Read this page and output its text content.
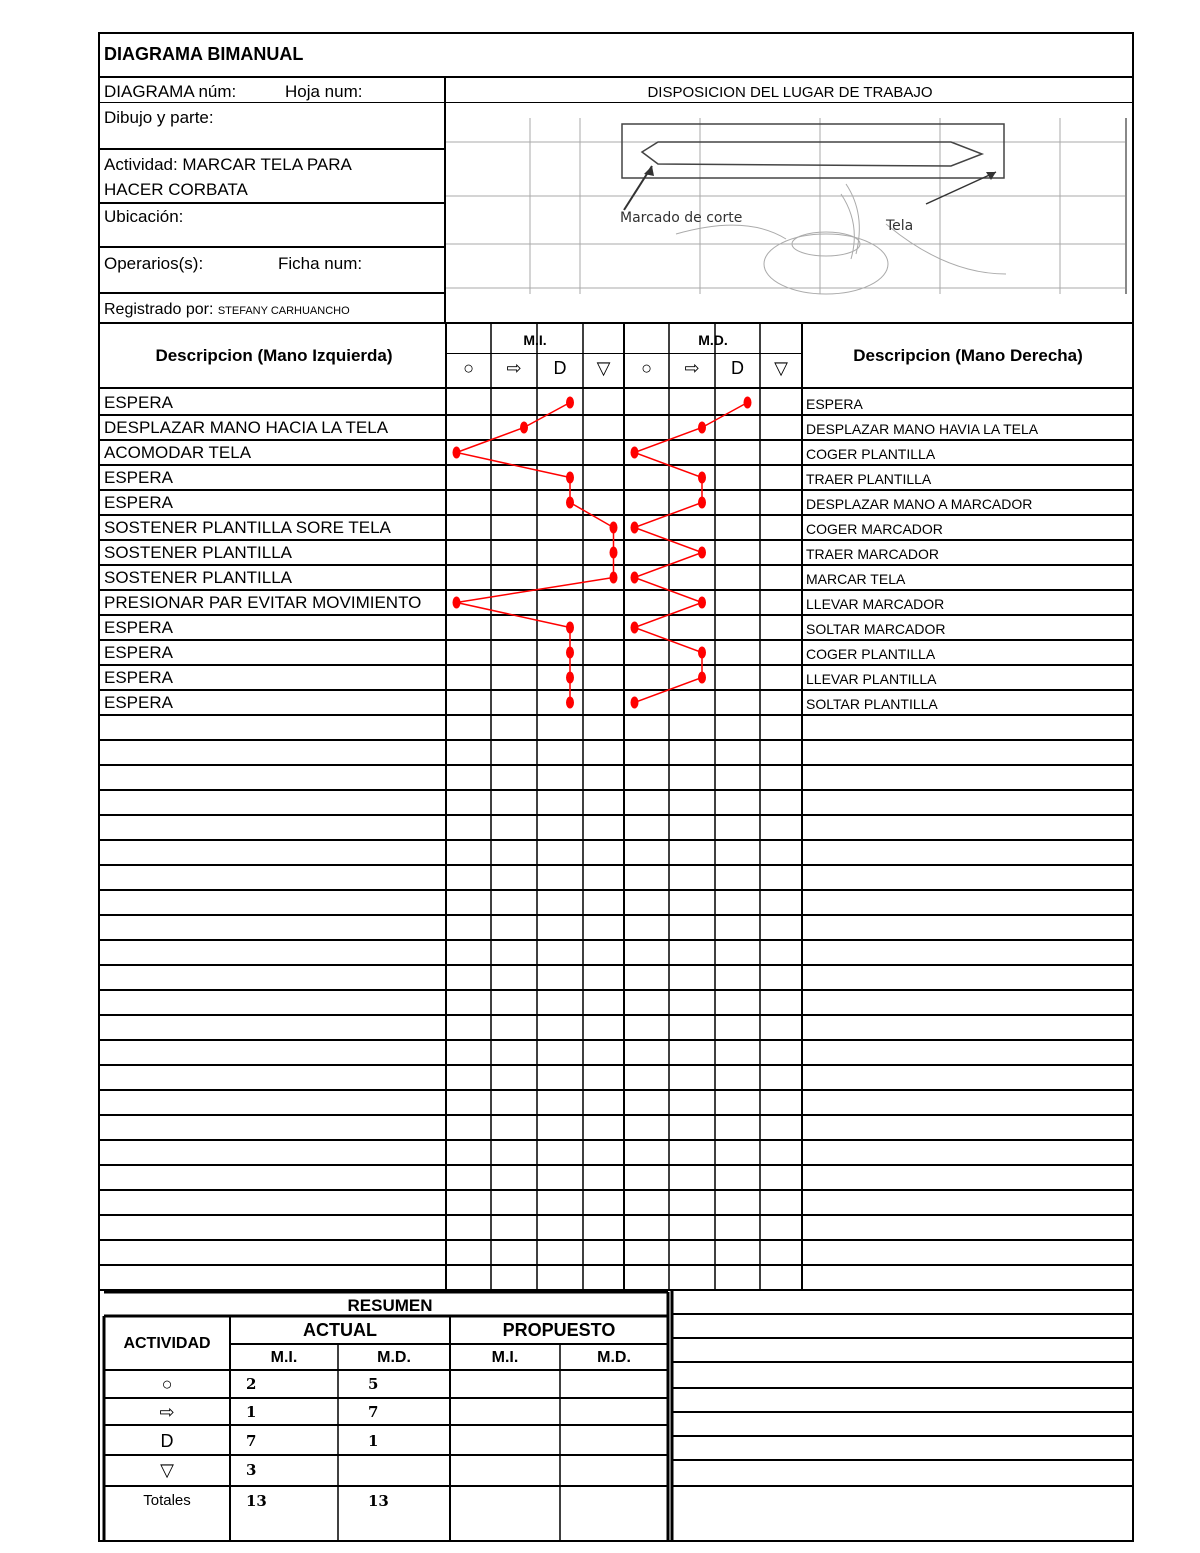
DIAGRAMA BIMANUAL
DIAGRAMA núm:	Hoja num:	DISPOSICION DEL LUGAR DE TRABAJO
Dibujo y parte:
Actividad: MARCAR TELA PARA
HACER CORBATA
Ubicación:
Operarios(s):	Ficha num:
Registrado por: STEFANY CARHUANCHO
Marcado de corte	Tela
Descripcion (Mano Izquierda)	Descripcion (Mano Derecha)
M.I.	M.D.
○	⇨	D	▽	○	⇨	D	▽
ESPERA	ESPERA
DESPLAZAR MANO HACIA LA TELA	DESPLAZAR MANO HAVIA LA TELA
ACOMODAR TELA	COGER PLANTILLA
ESPERA	TRAER PLANTILLA
ESPERA	DESPLAZAR MANO A MARCADOR
SOSTENER PLANTILLA SORE TELA	COGER MARCADOR
SOSTENER PLANTILLA	TRAER MARCADOR
SOSTENER PLANTILLA	MARCAR TELA
PRESIONAR PAR EVITAR MOVIMIENTO	LLEVAR MARCADOR
ESPERA	SOLTAR MARCADOR
ESPERA	COGER PLANTILLA
ESPERA	LLEVAR PLANTILLA
ESPERA	SOLTAR PLANTILLA
RESUMEN
ACTIVIDAD
ACTUAL	PROPUESTO
M.I.	M.D.	M.I.	M.D.
○	2	5
⇨	1	7
D	7	1
▽	3
Totales	13	13
